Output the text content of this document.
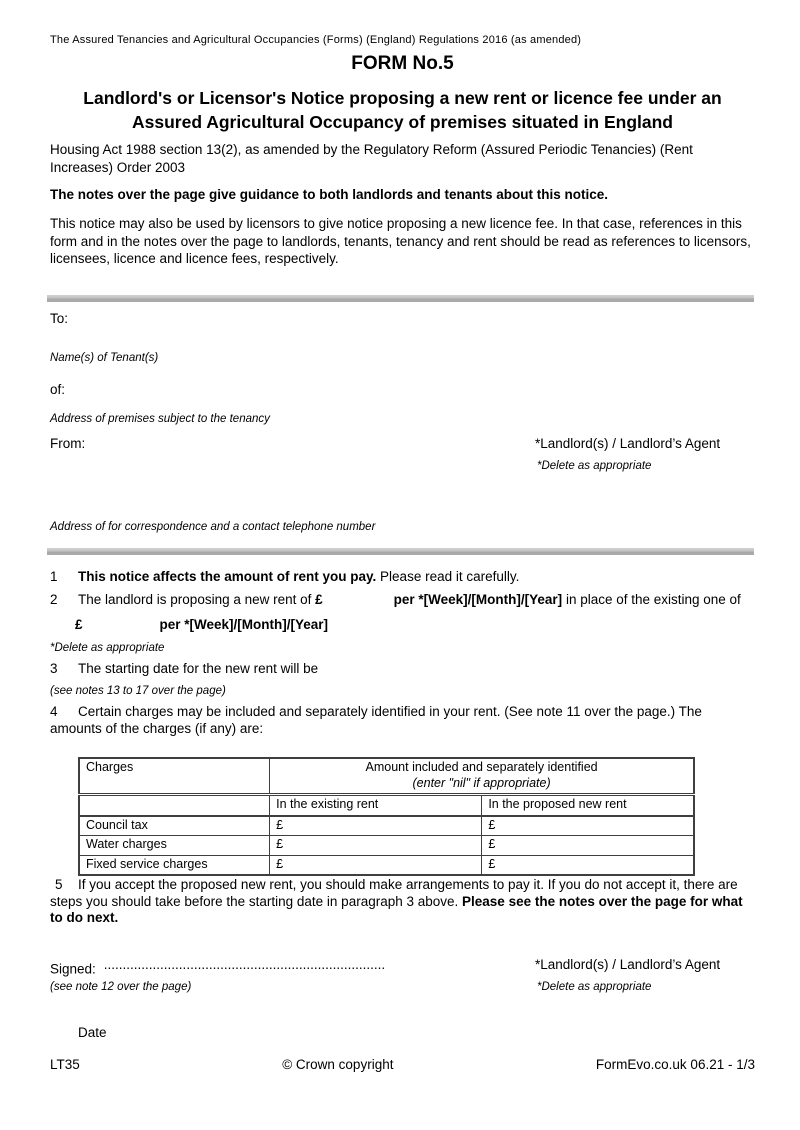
The Assured Tenancies and Agricultural Occupancies (Forms) (England) Regulations 2016 (as amended)
FORM No.5
Landlord's or Licensor's Notice proposing a new rent or licence fee under an Assured Agricultural Occupancy of premises situated in England
Housing Act 1988 section 13(2), as amended by the Regulatory Reform (Assured Periodic Tenancies) (Rent Increases) Order 2003
The notes over the page give guidance to both landlords and tenants about this notice.
This notice may also be used by licensors to give notice proposing a new licence fee. In that case, references in this form and in the notes over the page to landlords, tenants, tenancy and rent should be read as references to licensors, licensees, licence and licence fees, respectively.
To:
Name(s) of Tenant(s)
of:
Address of premises subject to the tenancy
From:	*Landlord(s) / Landlord’s Agent
*Delete as appropriate
Address of for correspondence and a contact telephone number
1 This notice affects the amount of rent you pay. Please read it carefully.
2 The landlord is proposing a new rent of £	per *[Week]/[Month]/[Year] in place of the existing one of
£	per *[Week]/[Month]/[Year]
*Delete as appropriate
3 The starting date for the new rent will be
(see notes 13 to 17 over the page)
4 Certain charges may be included and separately identified in your rent. (See note 11 over the page.) The amounts of the charges (if any) are:
Charges	Amount included and separately identified
(enter "nil" if appropriate)	

	In the existing rent	In the proposed new rent
Council tax	£	£
Water charges	£	£
Fixed service charges	£	£
5 If you accept the proposed new rent, you should make arrangements to pay it. If you do not accept it, there are steps you should take before the starting date in paragraph 3 above. Please see the notes over the page for what to do next.
Signed: ...........................................................................	*Landlord(s) / Landlord’s Agent
(see note 12 over the page)	*Delete as appropriate
Date
LT35	© Crown copyright	FormEvo.co.uk 06.21 - 1/3
